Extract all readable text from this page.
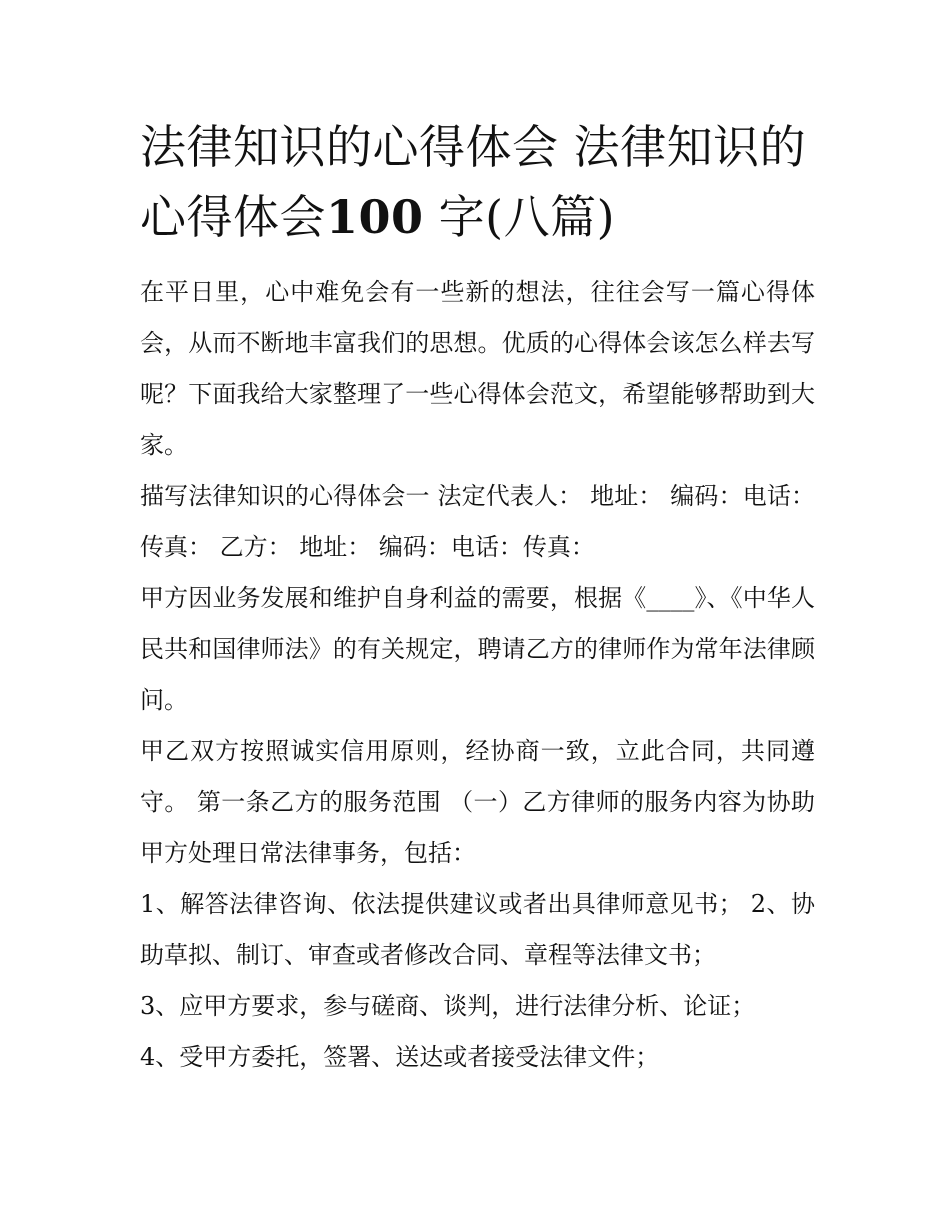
法律知识的心得体会 法律知识的心得体会100 字(八篇)

在平日里，心中难免会有一些新的想法，往往会写一篇心得体会，从而不断地丰富我们的思想。优质的心得体会该怎么样去写呢？下面我给大家整理了一些心得体会范文，希望能够帮助到大家。

描写法律知识的心得体会一 法定代表人： 地址： 编码：电话：传真： 乙方： 地址： 编码：电话：传真：

甲方因业务发展和维护自身利益的需要，根据《____》、《中华人民共和国律师法》的有关规定，聘请乙方的律师作为常年法律顾问。

甲乙双方按照诚实信用原则，经协商一致，立此合同，共同遵守。 第一条乙方的服务范围 （一）乙方律师的服务内容为协助甲方处理日常法律事务，包括：

1、解答法律咨询、依法提供建议或者出具律师意见书； 2、协助草拟、制订、审查或者修改合同、章程等法律文书；

3、应甲方要求，参与磋商、谈判，进行法律分析、论证；

4、受甲方委托，签署、送达或者接受法律文件；
